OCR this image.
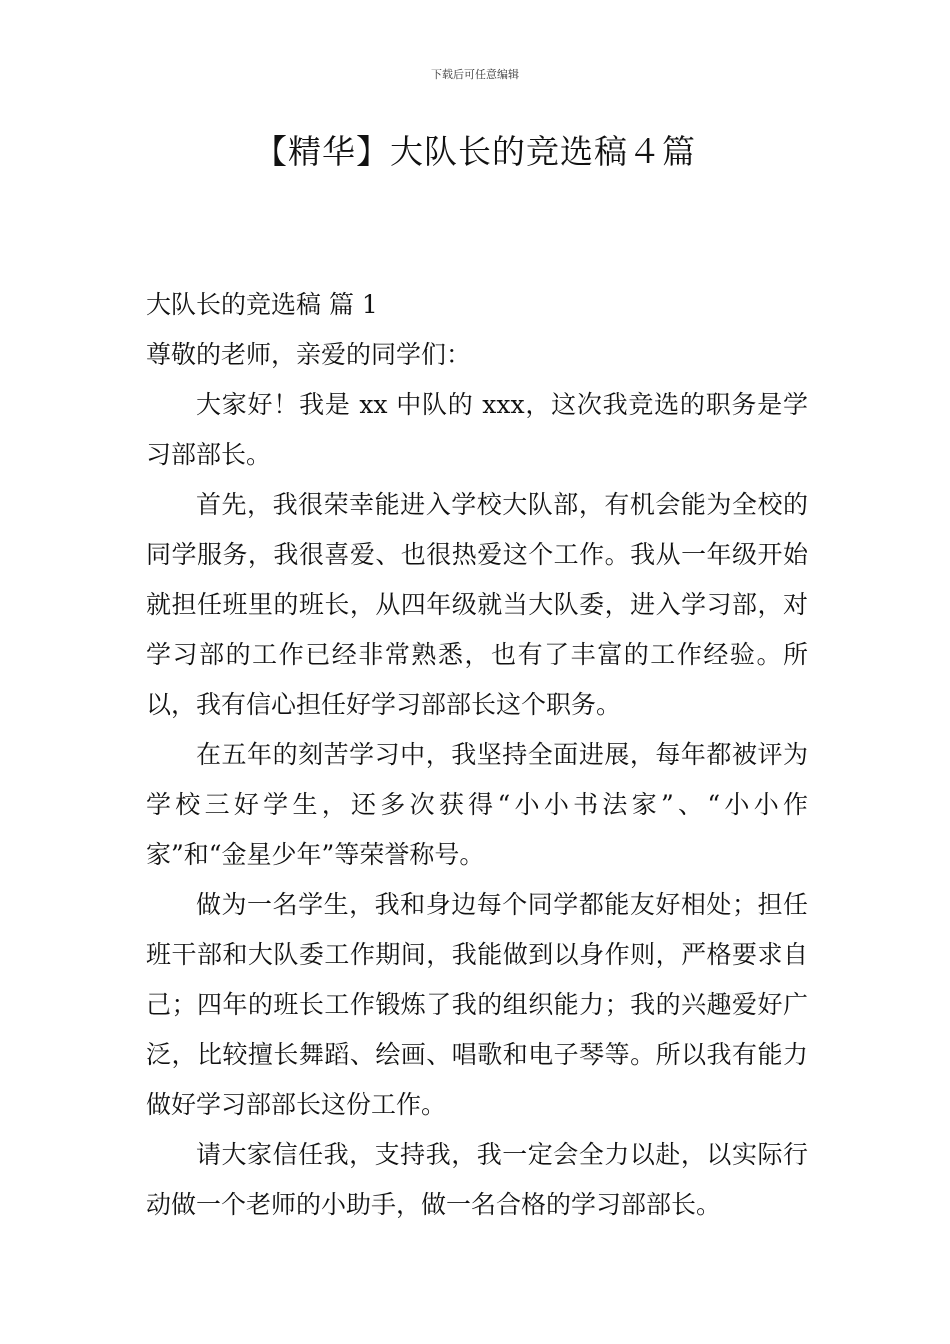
下载后可任意编辑
【精华】大队长的竞选稿４篇

大队长的竞选稿 篇 1

尊敬的老师，亲爱的同学们：

大家好！我是 xx 中队的 xxx，这次我竞选的职务是学习部部长。

首先，我很荣幸能进入学校大队部，有机会能为全校的同学服务，我很喜爱、也很热爱这个工作。我从一年级开始就担任班里的班长，从四年级就当大队委，进入学习部，对学习部的工作已经非常熟悉，也有了丰富的工作经验。所以，我有信心担任好学习部部长这个职务。

在五年的刻苦学习中，我坚持全面进展，每年都被评为学校三好学生，还多次获得“小小书法家”、“小小作家”和“金星少年”等荣誉称号。

做为一名学生，我和身边每个同学都能友好相处；担任班干部和大队委工作期间，我能做到以身作则，严格要求自己；四年的班长工作锻炼了我的组织能力；我的兴趣爱好广泛，比较擅长舞蹈、绘画、唱歌和电子琴等。所以我有能力做好学习部部长这份工作。

请大家信任我，支持我，我一定会全力以赴，以实际行动做一个老师的小助手，做一名合格的学习部部长。
